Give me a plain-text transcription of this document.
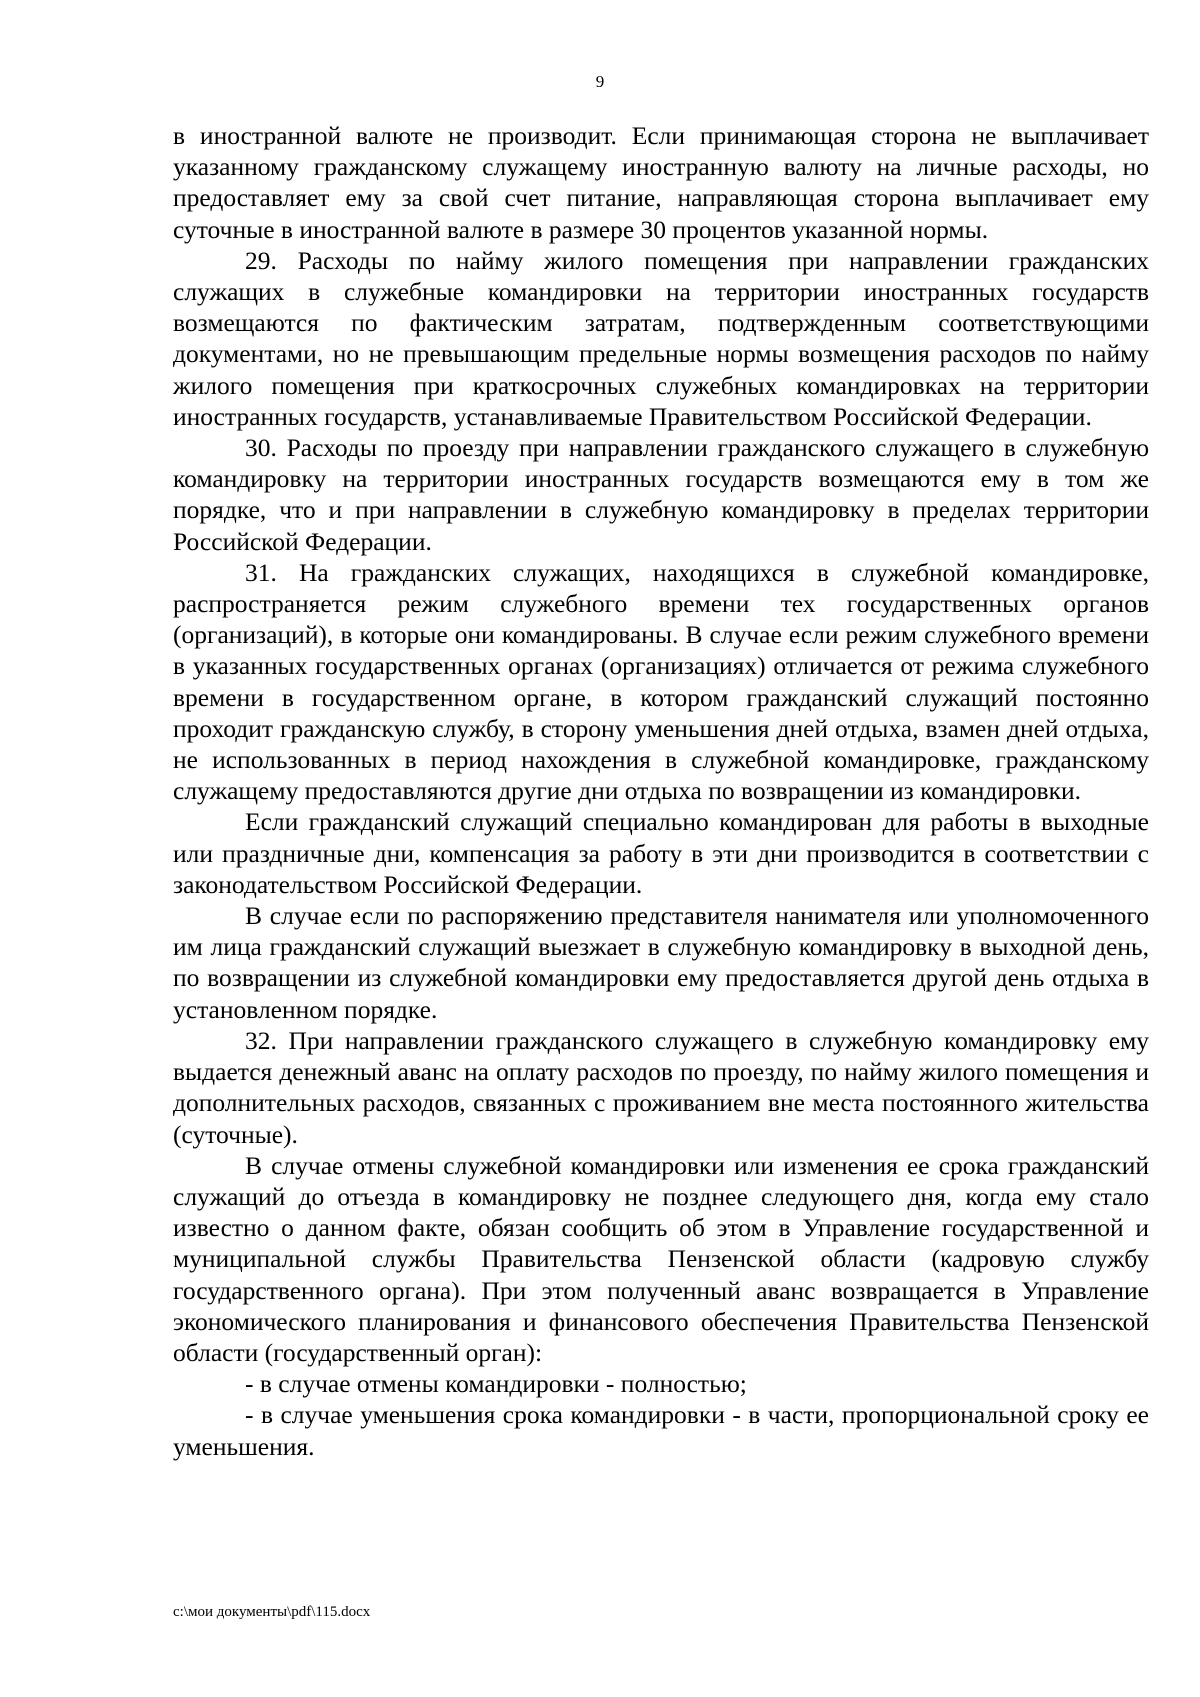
9

в иностранной валюте не производит. Если принимающая сторона не выплачивает указанному гражданскому служащему иностранную валюту на личные расходы, но предоставляет ему за свой счет питание, направляющая сторона выплачивает ему суточные в иностранной валюте в размере 30 процентов указанной нормы.

29. Расходы по найму жилого помещения при направлении гражданских служащих в служебные командировки на территории иностранных государств возмещаются по фактическим затратам, подтвержденным соответствующими документами, но не превышающим предельные нормы возмещения расходов по найму жилого помещения при краткосрочных служебных командировках на территории иностранных государств, устанавливаемые Правительством Российской Федерации.

30. Расходы по проезду при направлении гражданского служащего в служебную командировку на территории иностранных государств возмещаются ему в том же порядке, что и при направлении в служебную командировку в пределах территории Российской Федерации.

31. На гражданских служащих, находящихся в служебной командировке, распространяется режим служебного времени тех государственных органов (организаций), в которые они командированы. В случае если режим служебного времени в указанных государственных органах (организациях) отличается от режима служебного времени в государственном органе, в котором гражданский служащий постоянно проходит гражданскую службу, в сторону уменьшения дней отдыха, взамен дней отдыха, не использованных в период нахождения в служебной командировке, гражданскому служащему предоставляются другие дни отдыха по возвращении из командировки.

Если гражданский служащий специально командирован для работы в выходные или праздничные дни, компенсация за работу в эти дни производится в соответствии с законодательством Российской Федерации.

В случае если по распоряжению представителя нанимателя или уполномоченного им лица гражданский служащий выезжает в служебную командировку в выходной день, по возвращении из служебной командировки ему предоставляется другой день отдыха в установленном порядке.

32. При направлении гражданского служащего в служебную командировку ему выдается денежный аванс на оплату расходов по проезду, по найму жилого помещения и дополнительных расходов, связанных с проживанием вне места постоянного жительства (суточные).

В случае отмены служебной командировки или изменения ее срока гражданский служащий до отъезда в командировку не позднее следующего дня, когда ему стало известно о данном факте, обязан сообщить об этом в Управление государственной и муниципальной службы Правительства Пензенской области (кадровую службу государственного органа). При этом полученный аванс возвращается в Управление экономического планирования и финансового обеспечения Правительства Пензенской области (государственный орган):

- в случае отмены командировки - полностью;

- в случае уменьшения срока командировки - в части, пропорциональной сроку ее уменьшения.

c:\мои документы\pdf\115.docx
